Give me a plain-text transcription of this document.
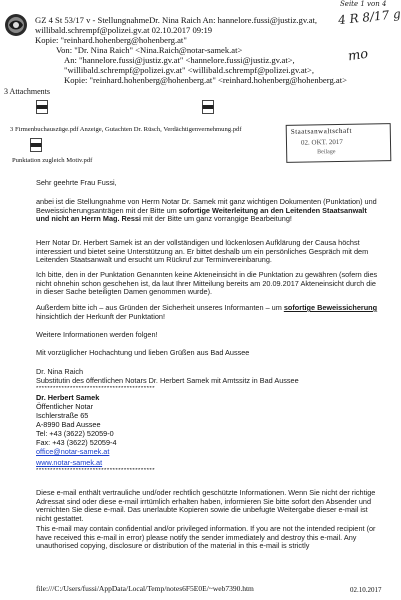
Seite 1 von 4
4 R 8/17 g
mo
GZ 4 St 53/17 v - StellungnahmeDr. Nina Raich An: hannelore.fussi@justiz.gv.at,
willibald.schrempf@polizei.gv.at 02.10.2017 09:19
Kopie: "reinhard.hohenberg@hohenberg.at"
Von: "Dr. Nina Raich" <Nina.Raich@notar-samek.at>
An: "hannelore.fussi@justiz.gv.at" <hannelore.fussi@justiz.gv.at>,
"willibald.schrempf@polizei.gv.at" <willibald.schrempf@polizei.gv.at>,
Kopie: "reinhard.hohenberg@hohenberg.at" <reinhard.hohenberg@hohenberg.at>
3 Attachments
3 Firmenbuchauszüge.pdf Anzeige, Gutachten Dr. Rüsch, Verdächtigenvernehmung.pdf
Punktation zugleich Motiv.pdf
Staatsanwaltschaft
02. OKT. 2017
Beilage
Sehr geehrte Frau Fussi,
anbei ist die Stellungnahme von Herrn Notar Dr. Samek mit ganz wichtigen Dokumenten (Punktation) und Beweissicherungsanträgen mit der Bitte um sofortige Weiterleitung an den Leitenden Staatsanwalt und nicht an Herrn Mag. Ressi mit der Bitte um ganz vorrangige Bearbeitung!
Herr Notar Dr. Herbert Samek ist an der vollständigen und lückenlosen Aufklärung der Causa höchst interessiert und bietet seine Unterstützung an. Er bittet deshalb um ein persönliches Gespräch mit dem Leitenden Staatsanwalt und ersucht um Rückruf zur Terminvereinbarung.
Ich bitte, den in der Punktation Genannten keine Akteneinsicht in die Punktation zu gewähren (sofern dies nicht ohnehin schon geschehen ist, da laut Ihrer Mitteilung bereits am 20.09.2017 Akteneinsicht durch die in dieser Sache beteiligten Damen genommen wurde).
Außerdem bitte ich – aus Gründen der Sicherheit unseres Informanten – um sofortige Beweissicherung hinsichtlich der Herkunft der Punktation!
Weitere Informationen werden folgen!
Mit vorzüglicher Hochachtung und lieben Grüßen aus Bad Aussee
Dr. Nina Raich
Substitutin des öffentlichen Notars Dr. Herbert Samek mit Amtssitz in Bad Aussee
******************************************
Dr. Herbert Samek
Öffentlicher Notar
Ischlerstraße 65
A-8990 Bad Aussee
Tel: +43 (3622) 52059-0
Fax: +43 (3622) 52059-4
office@notar-samek.at
www.notar-samek.at
******************************************
Diese e-mail enthält vertrauliche und/oder rechtlich geschützte Informationen. Wenn Sie nicht der richtige Adressat sind oder diese e-mail irrtümlich erhalten haben, informieren Sie bitte sofort den Absender und vernichten Sie diese e-mail. Das unerlaubte Kopieren sowie die unbefugte Weitergabe dieser e-mail ist nicht gestattet.
This e-mail may contain confidential and/or privileged information. If you are not the intended recipient (or have received this e-mail in error) please notify the sender immediately and destroy this e-mail. Any unauthorised copying, disclosure or distribution of the material in this e-mail is strictly
file:///C:/Users/fussi/AppData/Local/Temp/notes6F5E0E/~web7390.htm	02.10.2017
